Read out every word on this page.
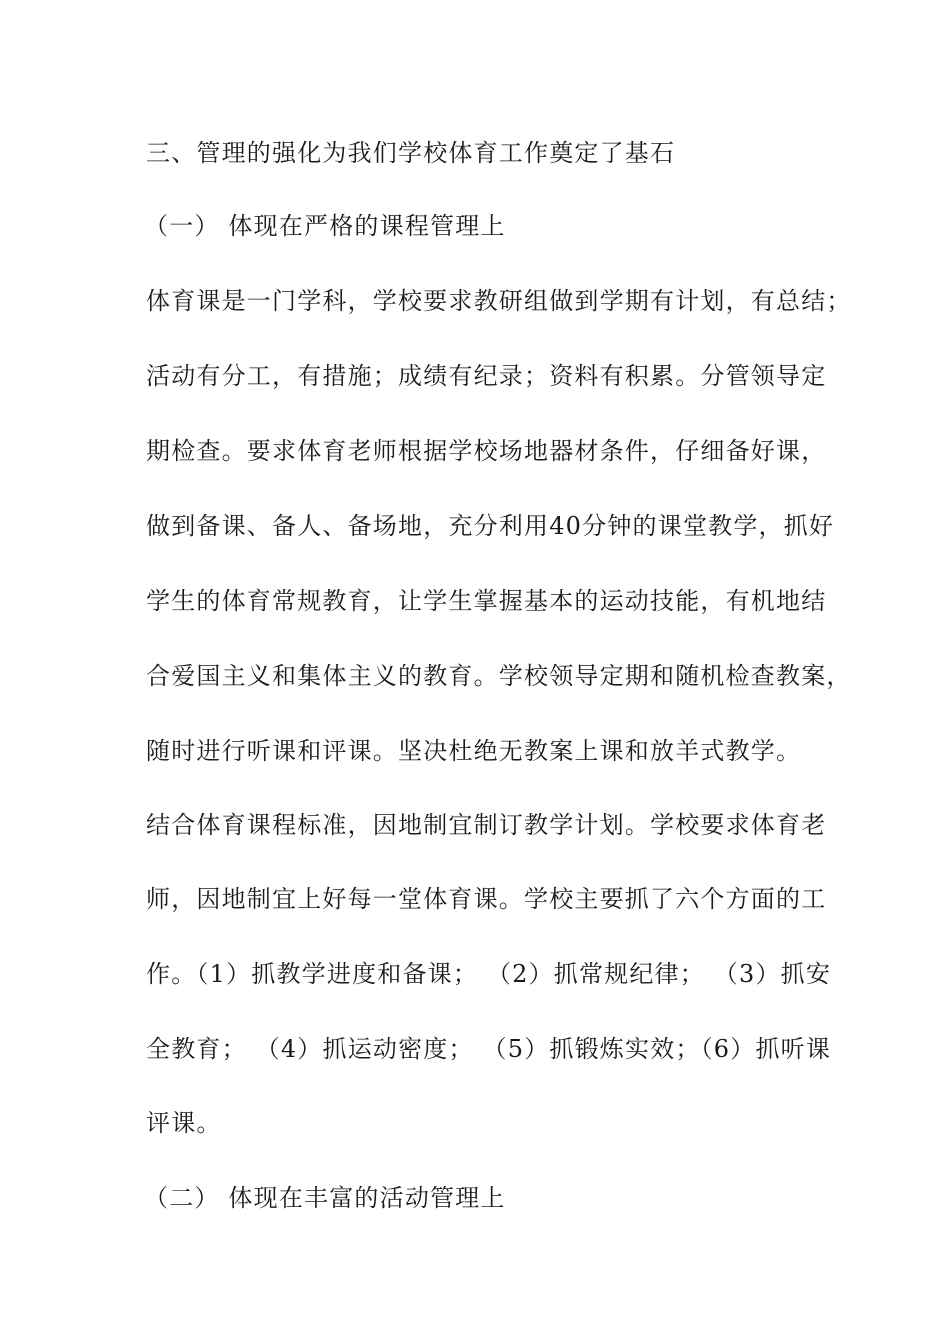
三、管理的强化为我们学校体育工作奠定了基石
（一） 体现在严格的课程管理上
体育课是一门学科，学校要求教研组做到学期有计划，有总结；
活动有分工，有措施；成绩有纪录；资料有积累。分管领导定
期检查。要求体育老师根据学校场地器材条件，仔细备好课，
做到备课、备人、备场地，充分利用40分钟的课堂教学，抓好
学生的体育常规教育，让学生掌握基本的运动技能，有机地结
合爱国主义和集体主义的教育。学校领导定期和随机检查教案，
随时进行听课和评课。坚决杜绝无教案上课和放羊式教学。
结合体育课程标准，因地制宜制订教学计划。学校要求体育老
师，因地制宜上好每一堂体育课。学校主要抓了六个方面的工
作。（1）抓教学进度和备课； （2）抓常规纪律； （3）抓安
全教育； （4）抓运动密度； （5）抓锻炼实效；（6）抓听课
评课。
（二） 体现在丰富的活动管理上
